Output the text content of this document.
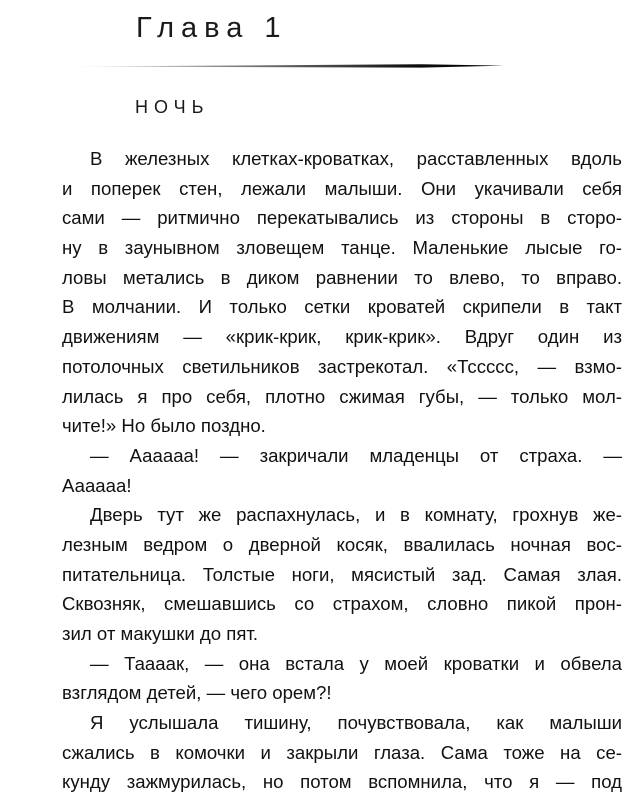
Глава 1
НОЧЬ
В железных клетках-кроватках, расставленных вдоль
и поперек стен, лежали малыши. Они укачивали себя
сами — ритмично перекатывались из стороны в сторо-
ну в заунывном зловещем танце. Маленькие лысые го-
ловы метались в диком равнении то влево, то вправо.
В молчании. И только сетки кроватей скрипели в такт
движениям — «крик-крик, крик-крик». Вдруг один из
потолочных светильников застрекотал. «Тссссс, — взмо-
лилась я про себя, плотно сжимая губы, — только мол-
чите!» Но было поздно.
— Аааааа! — закричали младенцы от страха. —
Аааааа!
Дверь тут же распахнулась, и в комнату, грохнув же-
лезным ведром о дверной косяк, ввалилась ночная вос-
питательница. Толстые ноги, мясистый зад. Самая злая.
Сквозняк, смешавшись со страхом, словно пикой прон-
зил от макушки до пят.
— Таааак, — она встала у моей кроватки и обвела
взглядом детей, — чего орем?!
Я услышала тишину, почувствовала, как малыши
сжались в комочки и закрыли глаза. Сама тоже на се-
кунду зажмурилась, но потом вспомнила, что я — под
